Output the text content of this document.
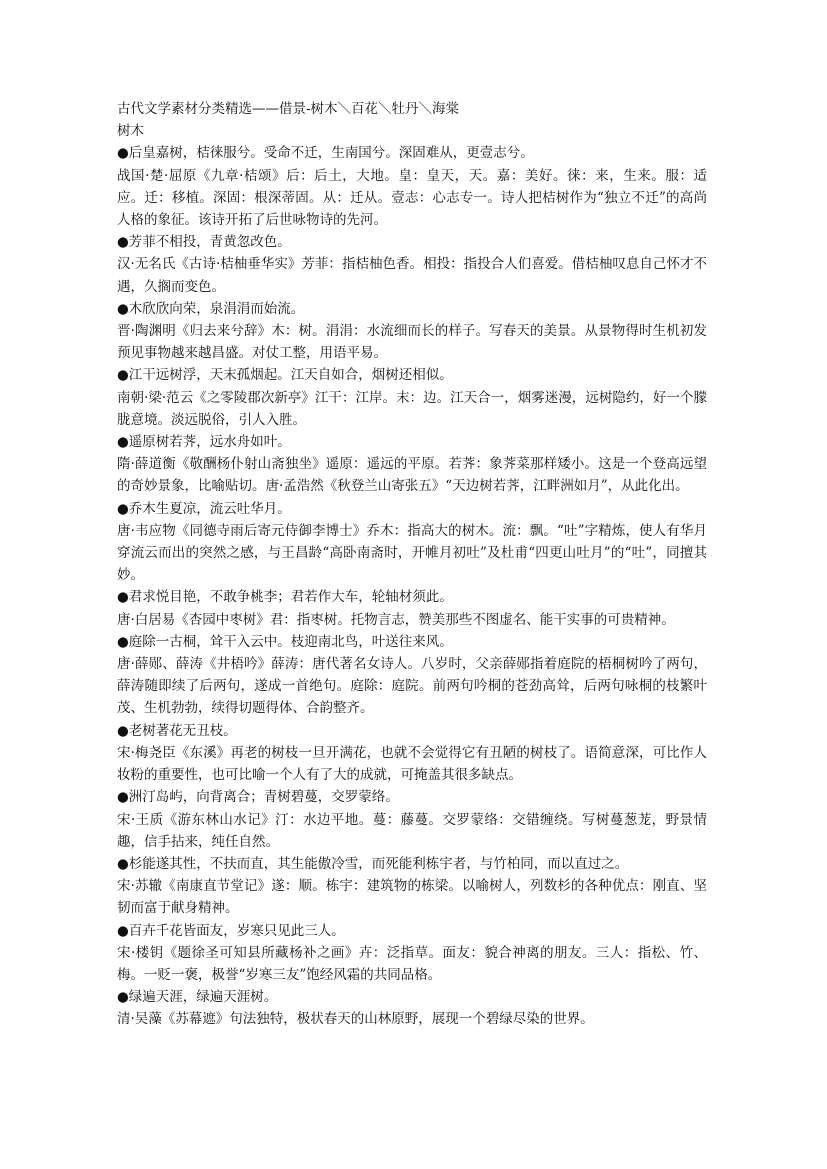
古代文学素材分类精选——借景-树木＼百花＼牡丹＼海棠

树木

●后皇嘉树，桔徕服兮。受命不迁，生南国兮。深固难从，更壹志兮。

战国·楚·屈原《九章·桔颂》后：后土，大地。皇：皇天，天。嘉：美好。徕：来，生来。服：适应。迁：移植。深固：根深蒂固。从：迁从。壹志：心志专一。诗人把桔树作为“独立不迁”的高尚人格的象征。该诗开拓了后世咏物诗的先河。

●芳菲不相投，青黄忽改色。

汉·无名氏《古诗·桔柚垂华实》芳菲：指桔柚色香。相投：指投合人们喜爱。借桔柚叹息自己怀才不遇，久搁而变色。

●木欣欣向荣，泉涓涓而始流。

晋·陶渊明《归去来兮辞》木：树。涓涓：水流细而长的样子。写春天的美景。从景物得时生机初发预见事物越来越昌盛。对仗工整，用语平易。

●江干远树浮，天末孤烟起。江天自如合，烟树还相似。

南朝·梁·范云《之零陵郡次新亭》江干：江岸。末：边。江天合一，烟雾迷漫，远树隐约，好一个朦胧意境。淡远脱俗，引人入胜。

●遥原树若荠，远水舟如叶。

隋·薛道衡《敬酬杨仆射山斋独坐》遥原：遥远的平原。若荠：象荠菜那样矮小。这是一个登高远望的奇妙景象，比喻贴切。唐·孟浩然《秋登兰山寄张五》“天边树若荠，江畔洲如月”，从此化出。

●乔木生夏凉，流云吐华月。

唐·韦应物《同德寺雨后寄元侍御李博士》乔木：指高大的树木。流：飘。“吐”字精炼，使人有华月穿流云而出的突然之感，与王昌龄“高卧南斋时，开帷月初吐”及杜甫“四更山吐月”的“吐”，同擅其妙。

●君求悦目艳，不敢争桃李；君若作大车，轮轴材须此。

唐·白居易《杏园中枣树》君：指枣树。托物言志，赞美那些不图虚名、能干实事的可贵精神。

●庭除一古桐，耸干入云中。枝迎南北鸟，叶送往来风。

唐·薛郧、薛涛《井梧吟》薛涛：唐代著名女诗人。八岁时，父亲薛郧指着庭院的梧桐树吟了两句，薛涛随即续了后两句，遂成一首绝句。庭除：庭院。前两句吟桐的苍劲高耸，后两句咏桐的枝繁叶茂、生机勃勃，续得切题得体、合韵整齐。

●老树著花无丑枝。

宋·梅尧臣《东溪》再老的树枝一旦开满花，也就不会觉得它有丑陋的树枝了。语简意深，可比作人妆粉的重要性，也可比喻一个人有了大的成就，可掩盖其很多缺点。

●洲汀岛屿，向背离合；青树碧蔓，交罗蒙络。

宋·王质《游东林山水记》汀：水边平地。蔓：藤蔓。交罗蒙络：交错缠绕。写树蔓葱茏，野景情趣，信手拈来，纯任自然。

●杉能遂其性，不扶而直，其生能傲冷雪，而死能利栋宇者，与竹柏同，而以直过之。

宋·苏辙《南康直节堂记》遂：顺。栋宇：建筑物的栋梁。以喻树人，列数杉的各种优点：刚直、坚韧而富于献身精神。

●百卉千花皆面友，岁寒只见此三人。

宋·楼钥《题徐圣可知县所藏杨补之画》卉：泛指草。面友：貌合神离的朋友。三人：指松、竹、梅。一贬一褒，极誉“岁寒三友”饱经风霜的共同品格。

●绿遍天涯，绿遍天涯树。

清·吴藻《苏幕遮》句法独特，极状春天的山林原野，展现一个碧绿尽染的世界。
